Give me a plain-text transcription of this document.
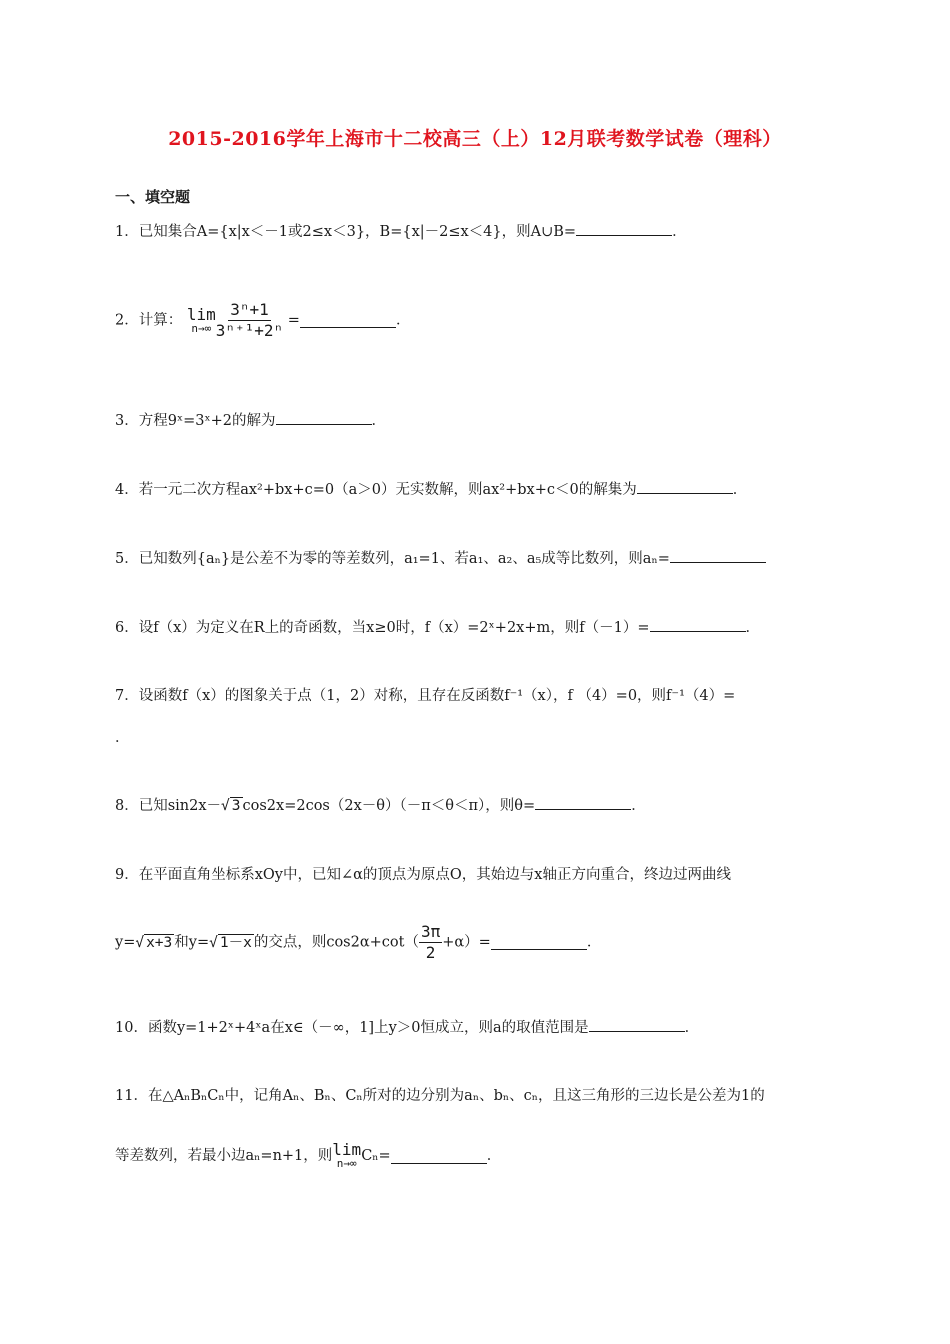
2015-2016学年上海市十二校高三（上）12月联考数学试卷（理科）
一、填空题
1．已知集合A={x|x＜－1或2≤x＜3}，B={x|－2≤x＜4}，则A∪B=	．
2．计算： lim
$n\to\infty \frac{\text{3ⁿ+1}}{\text{3ⁿ⁺¹+2ⁿ}}$ =	．
3．方程9ˣ=3ˣ+2的解为	．
4．若一元二次方程ax²+bx+c=0（a＞0）无实数解，则ax²+bx+c＜0的解集为	．
5．已知数列{aₙ}是公差不为零的等差数列，a₁=1、若a₁、a₂、a₅成等比数列，则aₙ=
6．设f（x）为定义在R上的奇函数，当x≥0时，f（x）=2ˣ+2x+m，则f（－1）=	．
7．设函数f（x）的图象关于点（1，2）对称，且存在反函数f⁻¹（x），f （4）=0，则f⁻¹（4）=
．
8．已知sin2x－√ 3 cos2x=2cos（2x－θ）（－π＜θ＜π），则θ=	．
9．在平面直角坐标系xOy中，已知∠α的顶点为原点O，其始边与x轴正方向重合，终边过两曲线
y=√ x+3 和y=√ 1－x 的交点，则$\cos 2\alpha+\cot( \frac{3\pi}{2} +\alpha)=$	．
10．函数y=1+2ˣ+4ˣa在x∈（－∞，1]上y＞0恒成立，则a的取值范围是	．
11．在△AₙBₙCₙ中，记角Aₙ、Bₙ、Cₙ所对的边分别为aₙ、bₙ、cₙ，且这三角形的三边长是公差为1的
等差数列，若最小边aₙ=n+1，则 lim
n→∞ Cₙ=	．
